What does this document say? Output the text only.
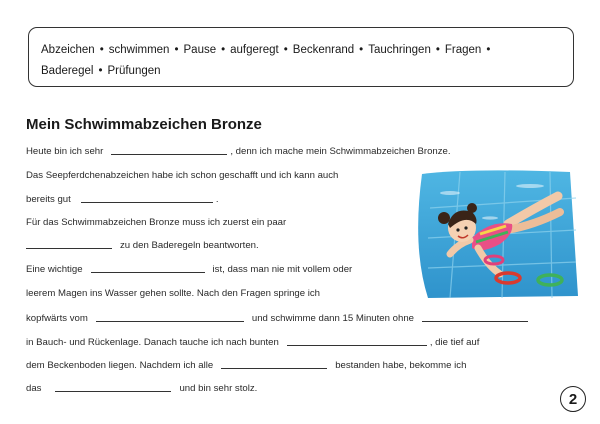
Abzeichen • schwimmen • Pause • aufgeregt • Beckenrand • Tauchringen • Fragen •
Baderegel • Prüfungen
Mein Schwimmabzeichen Bronze
Heute bin ich sehr	, denn ich mache mein Schwimmabzeichen Bronze.
Das Seepferdchenabzeichen habe ich schon geschafft und ich kann auch
bereits gut	.
Für das Schwimmabzeichen Bronze muss ich zuerst ein paar
zu den Baderegeln beantworten.
Eine wichtige	ist, dass man nie mit vollem oder
leerem Magen ins Wasser gehen sollte. Nach den Fragen springe ich
kopfwärts vom	und schwimme dann 15 Minuten ohne
in Bauch- und Rückenlage. Danach tauche ich nach bunten	, die tief auf
dem Beckenboden liegen. Nachdem ich alle	bestanden habe, bekomme ich
das	und bin sehr stolz.
2
